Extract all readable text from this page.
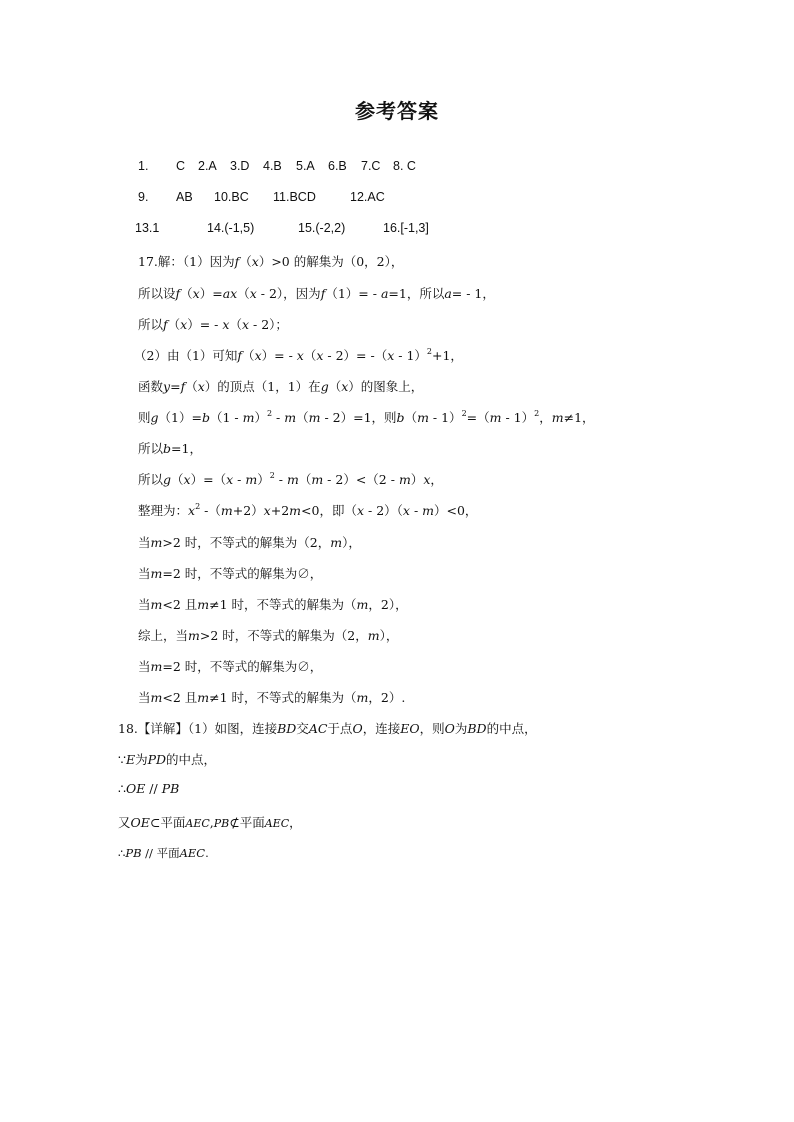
参考答案
1. C 2.A 3.D 4.B 5.A 6.B 7.C 8. C
9. AB 10.BC 11.BCD	12.AC
13.1	14.(-1,5)	15.(-2,2)	16.[-1,3]
17.解：（1）因为f（x）>0 的解集为（0，2），
所以设f（x）=ax（x - 2），因为f（1）= - a=1，所以a= - 1，
所以f（x）= - x（x - 2）；
（2）由（1）可知f（x）= - x（x - 2）= -（x - 1）$^2$+1，
函数y=f（x）的顶点（1，1）在g（x）的图象上，
则g（1）=b（1 - m）$^2$ - m（m - 2）=1，则b（m - 1）$^2$=（m - 1）$^2$，m≠1，
所以b=1，
所以g（x）=（x - m）$^2$ - m（m - 2）<（2 - m）x，
整理为：$x^2$ -（m+2）x+2m<0，即（x - 2）（x - m）<0，
当m>2 时，不等式的解集为（2，m），
当m=2 时，不等式的解集为∅，
当m<2 且m≠1 时，不等式的解集为（m，2），
综上，当m>2 时，不等式的解集为（2，m），
当m=2 时，不等式的解集为∅，
当m<2 且m≠1 时，不等式的解集为（m，2）.
18.【详解】（1）如图，连接BD交AC于点O，连接EO，则O为BD的中点，
∵E为PD的中点，
∴OE // PB
又OE⊂平面AEC,PB⊄平面AEC，
∴PB // 平面AEC.
